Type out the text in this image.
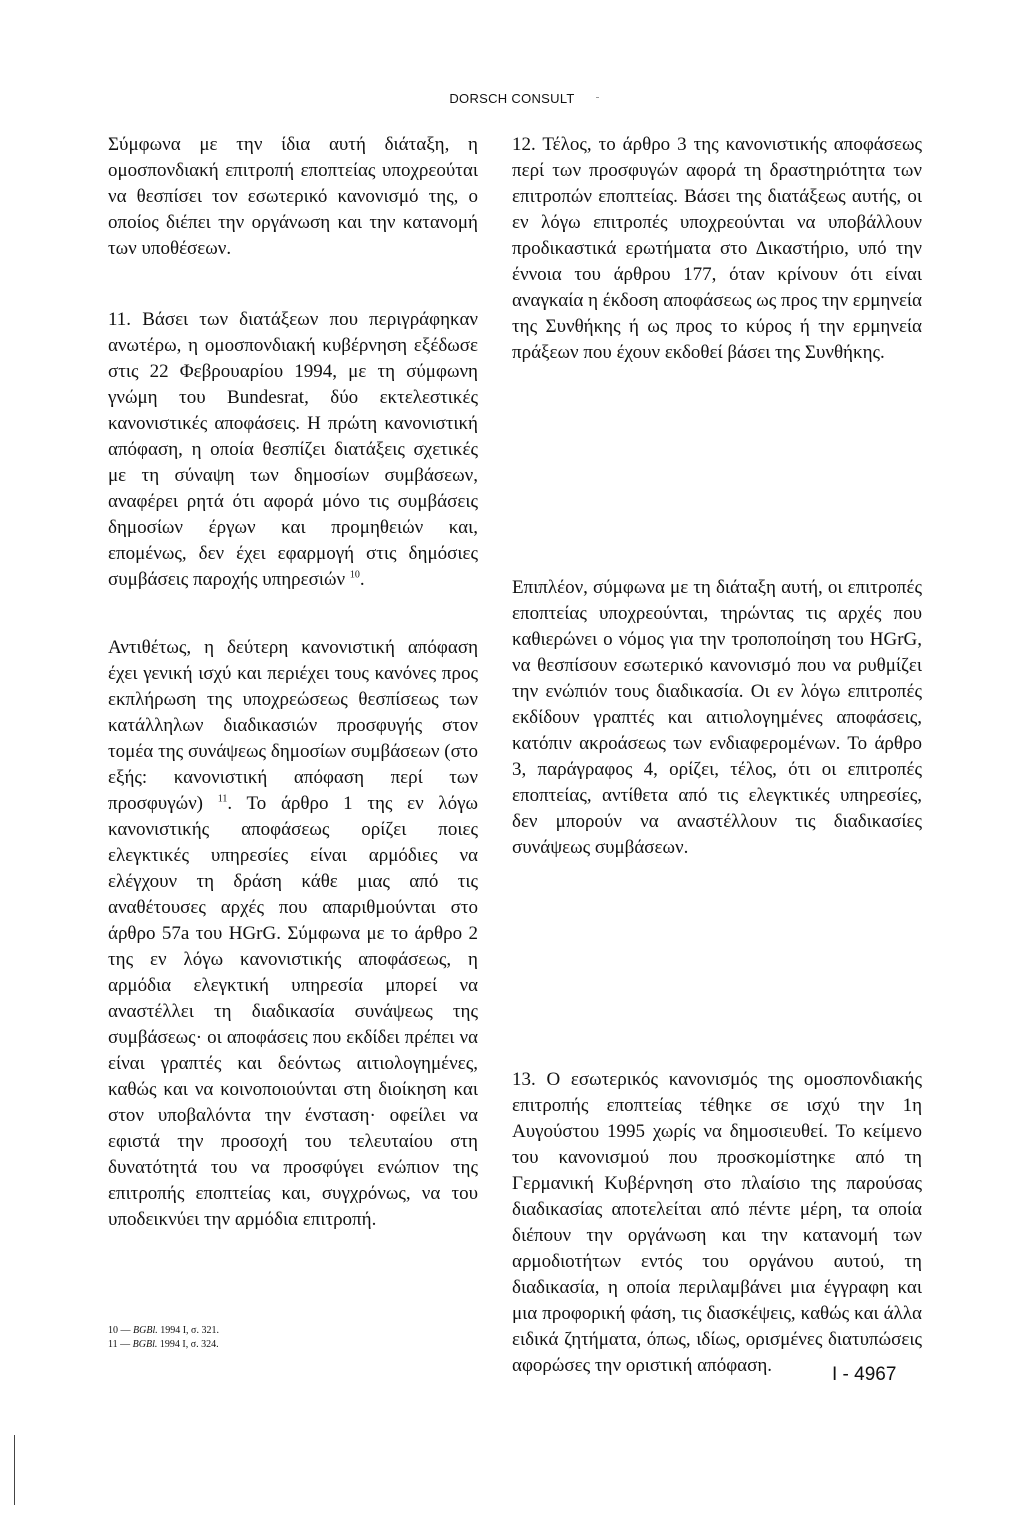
DORSCH CONSULT

Σύμφωνα με την ίδια αυτή διάταξη, η ομοσπονδιακή επιτροπή εποπτείας υποχρεούται να θεσπίσει τον εσωτερικό κανονισμό της, ο οποίος διέπει την οργάνωση και την κατανομή των υποθέσεων.

11. Βάσει των διατάξεων που περιγράφηκαν ανωτέρω, η ομοσπονδιακή κυβέρνηση εξέδωσε στις 22 Φεβρουαρίου 1994, με τη σύμφωνη γνώμη του Bundesrat, δύο εκτελεστικές κανονιστικές αποφάσεις. Η πρώτη κανονιστική απόφαση, η οποία θεσπίζει διατάξεις σχετικές με τη σύναψη των δημοσίων συμβάσεων, αναφέρει ρητά ότι αφορά μόνο τις συμβάσεις δημοσίων έργων και προμηθειών και, επομένως, δεν έχει εφαρμογή στις δημόσιες συμβάσεις παροχής υπηρεσιών $^{10}$.

Αντιθέτως, η δεύτερη κανονιστική απόφαση έχει γενική ισχύ και περιέχει τους κανόνες προς εκπλήρωση της υποχρεώσεως θεσπίσεως των κατάλληλων διαδικασιών προσφυγής στον τομέα της συνάψεως δημοσίων συμβάσεων (στο εξής: κανονιστική απόφαση περί των προσφυγών) $^{11}$. Το άρθρο 1 της εν λόγω κανονιστικής αποφάσεως ορίζει ποιες ελεγκτικές υπηρεσίες είναι αρμόδιες να ελέγχουν τη δράση κάθε μιας από τις αναθέτουσες αρχές που απαριθμούνται στο άρθρο 57a του HGrG. Σύμφωνα με το άρθρο 2 της εν λόγω κανονιστικής αποφάσεως, η αρμόδια ελεγκτική υπηρεσία μπορεί να αναστέλλει τη διαδικασία συνάψεως της συμβάσεως· οι αποφάσεις που εκδίδει πρέπει να είναι γραπτές και δεόντως αιτιολογημένες, καθώς και να κοινοποιούνται στη διοίκηση και στον υποβαλόντα την ένσταση· οφείλει να εφιστά την προσοχή του τελευταίου στη δυνατότητά του να προσφύγει ενώπιον της επιτροπής εποπτείας και, συγχρόνως, να του υποδεικνύει την αρμόδια επιτροπή.

12. Τέλος, το άρθρο 3 της κανονιστικής αποφάσεως περί των προσφυγών αφορά τη δραστηριότητα των επιτροπών εποπτείας. Βάσει της διατάξεως αυτής, οι εν λόγω επιτροπές υποχρεούνται να υποβάλλουν προδικαστικά ερωτήματα στο Δικαστήριο, υπό την έννοια του άρθρου 177, όταν κρίνουν ότι είναι αναγκαία η έκδοση αποφάσεως ως προς την ερμηνεία της Συνθήκης ή ως προς το κύρος ή την ερμηνεία πράξεων που έχουν εκδοθεί βάσει της Συνθήκης.

Επιπλέον, σύμφωνα με τη διάταξη αυτή, οι επιτροπές εποπτείας υποχρεούνται, τηρώντας τις αρχές που καθιερώνει ο νόμος για την τροποποίηση του HGrG, να θεσπίσουν εσωτερικό κανονισμό που να ρυθμίζει την ενώπιόν τους διαδικασία. Οι εν λόγω επιτροπές εκδίδουν γραπτές και αιτιολογημένες αποφάσεις, κατόπιν ακροάσεως των ενδιαφερομένων. Το άρθρο 3, παράγραφος 4, ορίζει, τέλος, ότι οι επιτροπές εποπτείας, αντίθετα από τις ελεγκτικές υπηρεσίες, δεν μπορούν να αναστέλλουν τις διαδικασίες συνάψεως συμβάσεων.

13. Ο εσωτερικός κανονισμός της ομοσπονδιακής επιτροπής εποπτείας τέθηκε σε ισχύ την 1η Αυγούστου 1995 χωρίς να δημοσιευθεί. Το κείμενο του κανονισμού που προσκομίστηκε από τη Γερμανική Κυβέρνηση στο πλαίσιο της παρούσας διαδικασίας αποτελείται από πέντε μέρη, τα οποία διέπουν την οργάνωση και την κατανομή των αρμοδιοτήτων εντός του οργάνου αυτού, τη διαδικασία, η οποία περιλαμβάνει μια έγγραφη και μια προφορική φάση, τις διασκέψεις, καθώς και άλλα ειδικά ζητήματα, όπως, ιδίως, ορισμένες διατυπώσεις αφορώσες την οριστική απόφαση.

10 — BGBl. 1994 I, σ. 321.
11 — BGBl. 1994 I, σ. 324.
I - 4967
